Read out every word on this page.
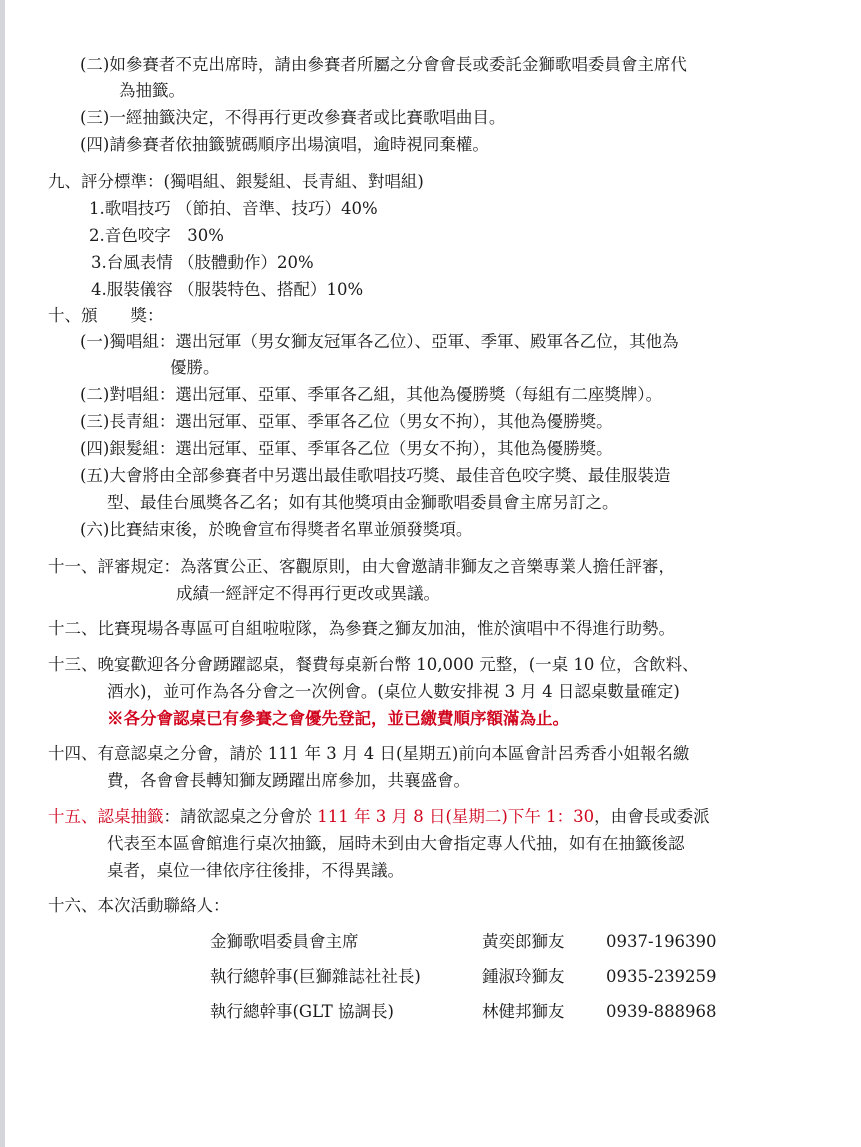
(二)如參賽者不克出席時，請由參賽者所屬之分會會長或委託金獅歌唱委員會主席代
為抽籤。
(三)一經抽籤決定，不得再行更改參賽者或比賽歌唱曲目。
(四)請參賽者依抽籤號碼順序出場演唱，逾時視同棄權。
九、評分標準：(獨唱組、銀髮組、長青組、對唱組)
1.歌唱技巧 （節拍、音準、技巧）40%
2.音色咬字　30%
3.台風表情 （肢體動作）20%
4.服裝儀容 （服裝特色、搭配）10%
十、頒　　獎：
(一)獨唱組：選出冠軍（男女獅友冠軍各乙位）、亞軍、季軍、殿軍各乙位，其他為
優勝。
(二)對唱組：選出冠軍、亞軍、季軍各乙組，其他為優勝獎（每組有二座獎牌）。
(三)長青組：選出冠軍、亞軍、季軍各乙位（男女不拘），其他為優勝獎。
(四)銀髮組：選出冠軍、亞軍、季軍各乙位（男女不拘），其他為優勝獎。
(五)大會將由全部參賽者中另選出最佳歌唱技巧獎、最佳音色咬字獎、最佳服裝造
型、最佳台風獎各乙名；如有其他獎項由金獅歌唱委員會主席另訂之。
(六)比賽結束後，於晚會宣布得獎者名單並頒發獎項。
十一、評審規定：為落實公正、客觀原則，由大會邀請非獅友之音樂專業人擔任評審，
成績一經評定不得再行更改或異議。
十二、比賽現場各專區可自組啦啦隊，為參賽之獅友加油，惟於演唱中不得進行助勢。
十三、晚宴歡迎各分會踴躍認桌，餐費每桌新台幣 10,000 元整，(一桌 10 位，含飲料、
酒水)，並可作為各分會之一次例會。(桌位人數安排視 3 月 4 日認桌數量確定)
※各分會認桌已有參賽之會優先登記，並已繳費順序額滿為止。
十四、有意認桌之分會，請於 111 年 3 月 4 日(星期五)前向本區會計呂秀香小姐報名繳
費，各會會長轉知獅友踴躍出席參加，共襄盛會。
十五、認桌抽籤：請欲認桌之分會於 111 年 3 月 8 日(星期二)下午 1：30，由會長或委派
代表至本區會館進行桌次抽籤，屆時未到由大會指定專人代抽，如有在抽籤後認
桌者，桌位一律依序往後排，不得異議。
十六、本次活動聯絡人：
金獅歌唱委員會主席	黃奕郎獅友	0937-196390
執行總幹事(巨獅雜誌社社長)	鍾淑玲獅友	0935-239259
執行總幹事(GLT 協調長)	林健邦獅友	0939-888968
